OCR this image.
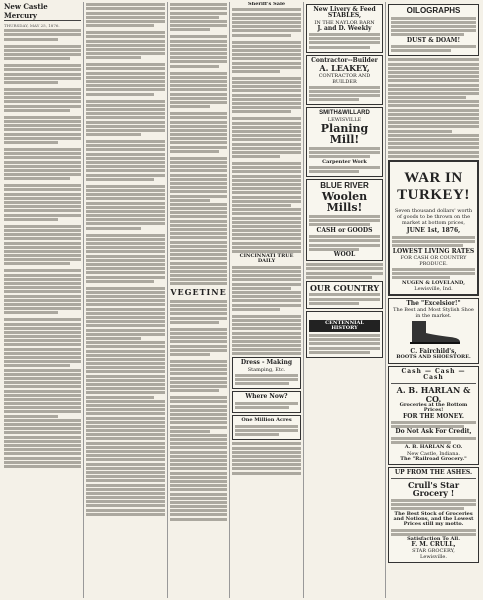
New Castle Mercury
THURSDAY, MAY 25, 1876.
VEGETINE
Sheriff's Sale
CINCINNATI TRUE DAILY
Dress - Making
Stamping, Etc.
Where Now?
One Million Acres
New Livery & Feed STABLES,
IN THE NAYLOR BARN
J. and D. Weekly
Contractor--Builder
A. LEAKEY,
CONTRACTOR AND BUILDER
SMITH&WILLARD
LEWISVILLE
Planing Mill!
Carpenter Work
BLUE RIVER
Woolen Mills!
CASH or GOODS
WOOL
OUR COUNTRY
CENTENNIAL HISTORY
OILOGRAPHS
DUST & DOAM!
WAR IN TURKEY!
Seven thousand dollars' worth of goods to be thrown on the market at bottom prices,
JUNE 1st, 1876,
LOWEST LIVING RATES
FOR CASH OR COUNTRY PRODUCE.
NUGEN & LOVELAND,
Lewisville, Ind.
The "Excelsior!"
The Best and Most Stylish Shoe in the market.
C. Fairchild's,
BOOTS AND SHOESTORE.
Cash — Cash — Cash
A. B. HARLAN & CO.
Groceries at the Bottom Prices!
FOR THE MONEY.
Do Not Ask For Credit,
A. B. HARLAN & CO.
New Castle, Indiana.
The "Railroad Grocery."
UP FROM THE ASHES.
Crull's Star Grocery !
The Best Stock of Groceries and Notions, and the Lowest Prices still my motto.
Satisfaction To All.
F. M. CRULL,
STAR GROCERY,
Lewisville.
